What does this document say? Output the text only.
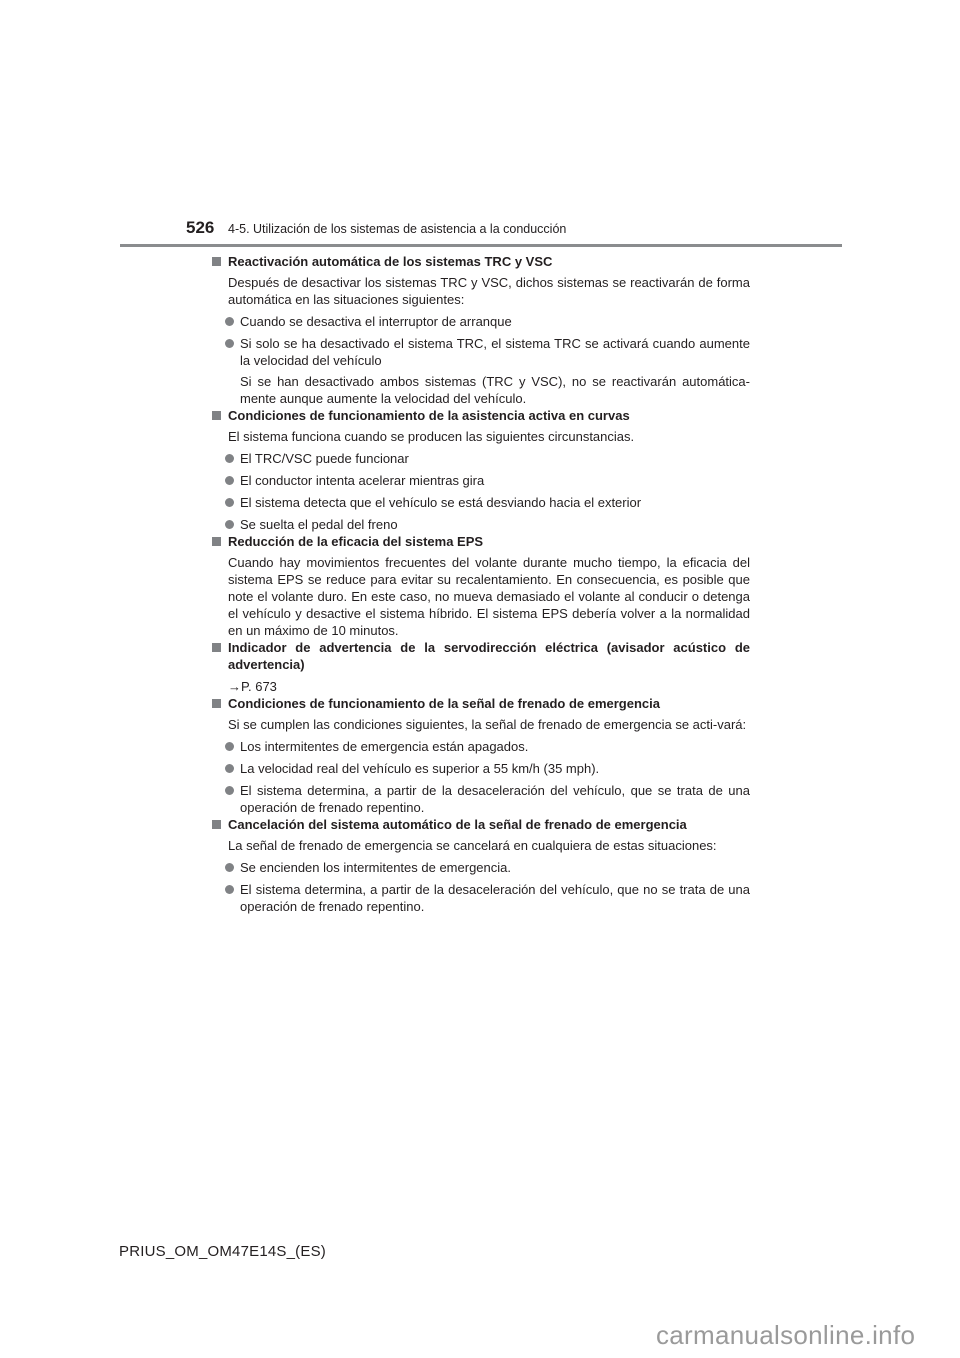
526 4-5. Utilización de los sistemas de asistencia a la conducción
Reactivación automática de los sistemas TRC y VSC
Después de desactivar los sistemas TRC y VSC, dichos sistemas se reactivarán de forma automática en las situaciones siguientes:
Cuando se desactiva el interruptor de arranque
Si solo se ha desactivado el sistema TRC, el sistema TRC se activará cuando aumente la velocidad del vehículo
Si se han desactivado ambos sistemas (TRC y VSC), no se reactivarán automática-mente aunque aumente la velocidad del vehículo.
Condiciones de funcionamiento de la asistencia activa en curvas
El sistema funciona cuando se producen las siguientes circunstancias.
El TRC/VSC puede funcionar
El conductor intenta acelerar mientras gira
El sistema detecta que el vehículo se está desviando hacia el exterior
Se suelta el pedal del freno
Reducción de la eficacia del sistema EPS
Cuando hay movimientos frecuentes del volante durante mucho tiempo, la eficacia del sistema EPS se reduce para evitar su recalentamiento. En consecuencia, es posible que note el volante duro. En este caso, no mueva demasiado el volante al conducir o detenga el vehículo y desactive el sistema híbrido. El sistema EPS debería volver a la normalidad en un máximo de 10 minutos.
Indicador de advertencia de la servodirección eléctrica (avisador acústico de advertencia)
→P. 673
Condiciones de funcionamiento de la señal de frenado de emergencia
Si se cumplen las condiciones siguientes, la señal de frenado de emergencia se acti-vará:
Los intermitentes de emergencia están apagados.
La velocidad real del vehículo es superior a 55 km/h (35 mph).
El sistema determina, a partir de la desaceleración del vehículo, que se trata de una operación de frenado repentino.
Cancelación del sistema automático de la señal de frenado de emergencia
La señal de frenado de emergencia se cancelará en cualquiera de estas situaciones:
Se encienden los intermitentes de emergencia.
El sistema determina, a partir de la desaceleración del vehículo, que no se trata de una operación de frenado repentino.
PRIUS_OM_OM47E14S_(ES)
carmanualsonline.info
